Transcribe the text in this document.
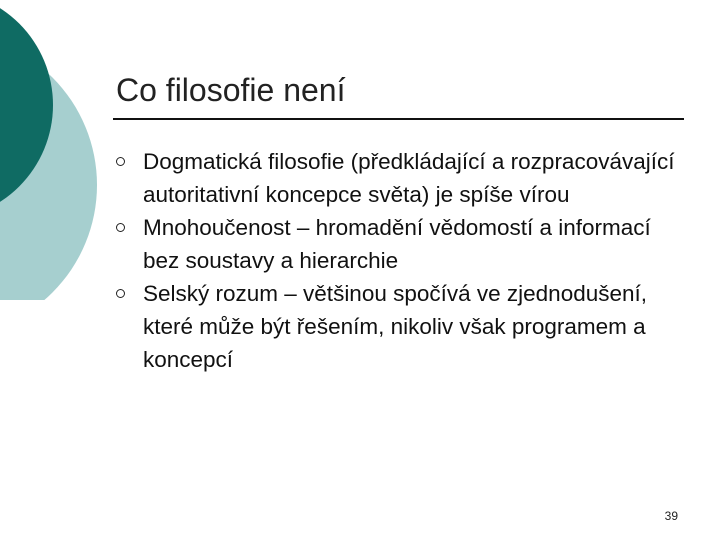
Co filosofie není
Dogmatická filosofie (předkládající a rozpracovávající autoritativní koncepce světa) je spíše vírou
Mnohoučenost – hromadění vědomostí a informací bez soustavy a hierarchie
Selský rozum – většinou spočívá ve zjednodušení, které může být řešením, nikoliv však programem a koncepcí
39
